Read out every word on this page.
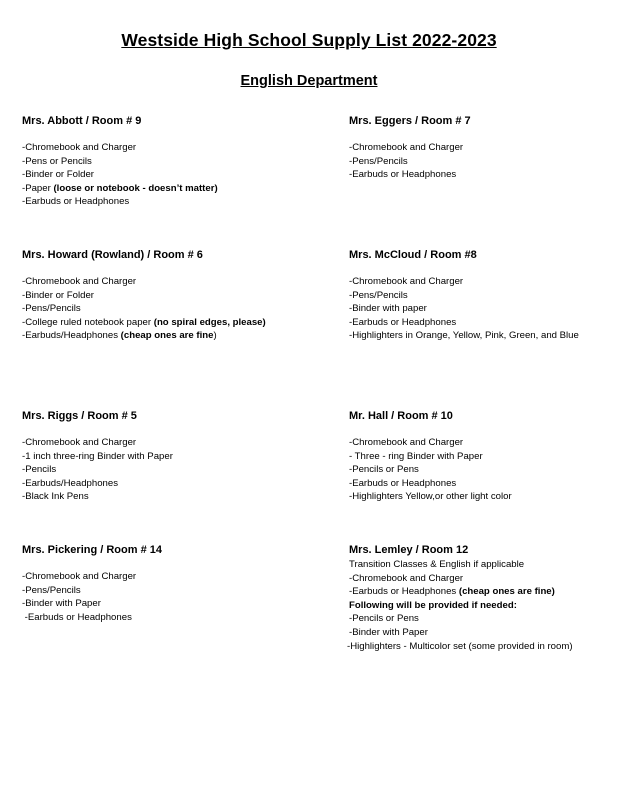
Westside High School Supply List 2022-2023
English Department
Mrs. Abbott / Room # 9
-Chromebook and Charger
-Pens or Pencils
-Binder or Folder
-Paper (loose or notebook - doesn’t matter)
-Earbuds or Headphones
Mrs. Eggers / Room # 7
-Chromebook and Charger
-Pens/Pencils
-Earbuds or Headphones
Mrs. Howard (Rowland) / Room # 6
-Chromebook and Charger
-Binder or Folder
-Pens/Pencils
-College ruled notebook paper (no spiral edges, please)
-Earbuds/Headphones (cheap ones are fine)
Mrs. McCloud / Room #8
-Chromebook and Charger
-Pens/Pencils
-Binder with paper
-Earbuds or Headphones
-Highlighters in Orange, Yellow, Pink, Green, and Blue
Mrs. Riggs / Room # 5
-Chromebook and Charger
-1 inch three-ring Binder with Paper
-Pencils
-Earbuds/Headphones
-Black Ink Pens
Mr. Hall / Room # 10
-Chromebook and Charger
- Three - ring Binder with Paper
-Pencils or Pens
-Earbuds or Headphones
-Highlighters Yellow,or other light color
Mrs. Pickering / Room # 14
-Chromebook and Charger
-Pens/Pencils
-Binder with Paper
-Earbuds or Headphones
Mrs. Lemley / Room 12
Transition Classes & English if applicable
-Chromebook and Charger
-Earbuds or Headphones (cheap ones are fine)
Following will be provided if needed:
-Pencils or Pens
-Binder with Paper
-Highlighters - Multicolor set (some provided in room)
